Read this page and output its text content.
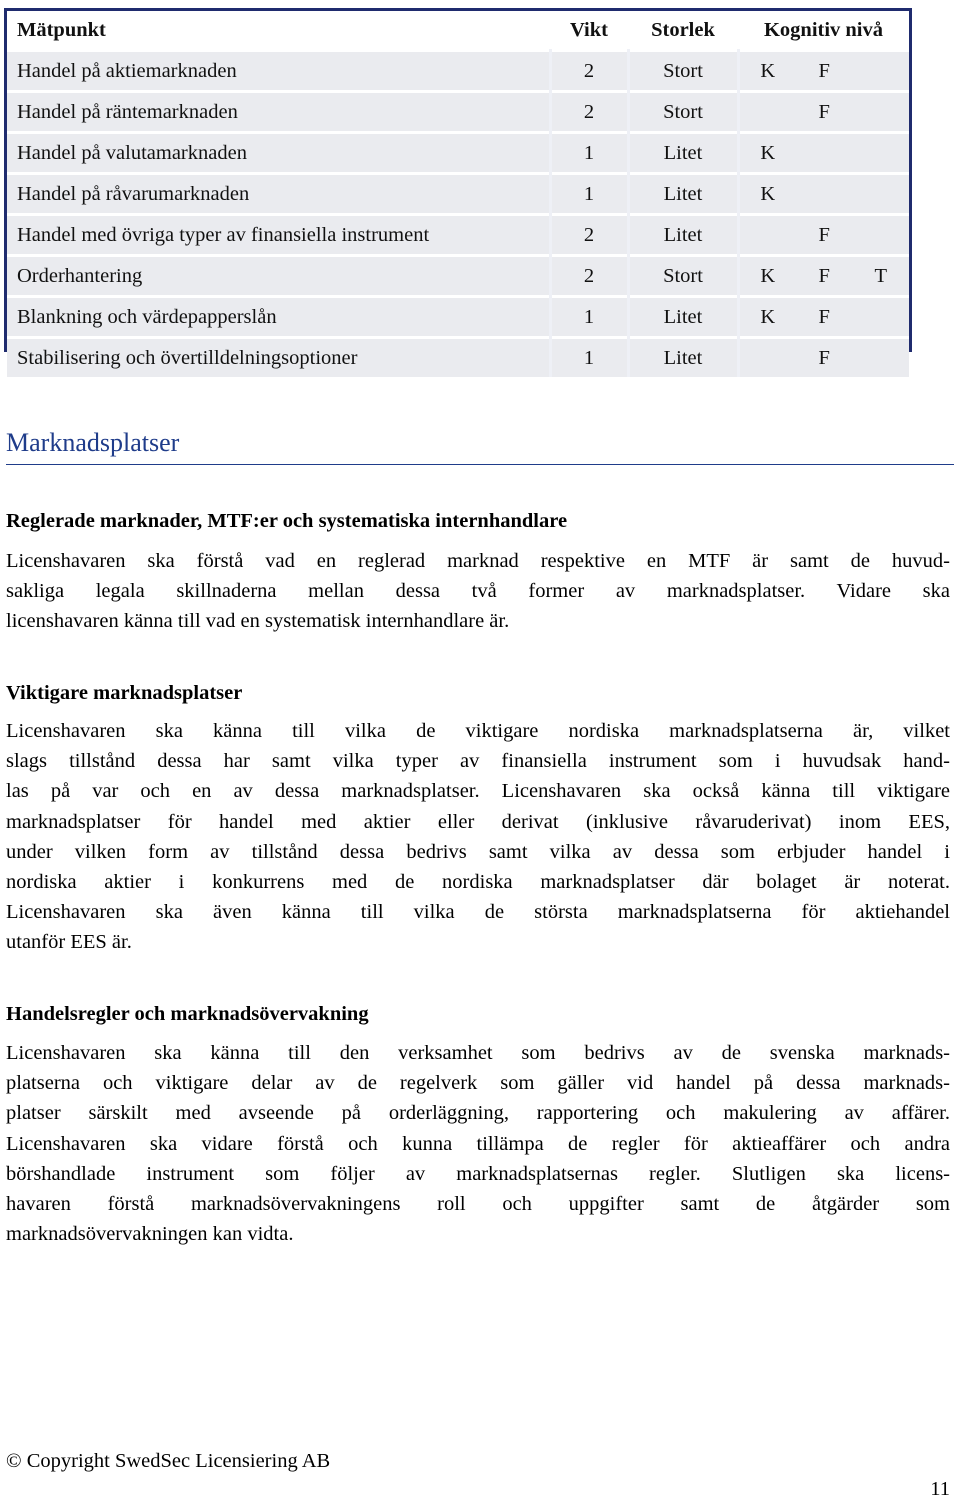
Mätpunkt	Vikt	Storlek	Kognitiv nivå
Handel på aktiemarknaden	2	Stort	K F

Handel på räntemarknaden	2	Stort	F

Handel på valutamarknaden	1	Litet	K

Handel på råvarumarknaden	1	Litet	K

Handel med övriga typer av finansiella instrument	2	Litet	F

Orderhantering	2	Stort	K F T

Blankning och värdepapperslån	1	Litet	K F

Stabilisering och övertilldelningsoptioner	1	Litet	F
Marknadsplatser
Reglerade marknader, MTF:er och systematiska internhandlare
Licenshavaren ska förstå vad en reglerad marknad respektive en MTF är samt de huvud-
sakliga legala skillnaderna mellan dessa två former av marknadsplatser. Vidare ska
licenshavaren känna till vad en systematisk internhandlare är.
Viktigare marknadsplatser
Licenshavaren ska känna till vilka de viktigare nordiska marknadsplatserna är, vilket
slags tillstånd dessa har samt vilka typer av finansiella instrument som i huvudsak hand-
las på var och en av dessa marknadsplatser. Licenshavaren ska också känna till viktigare
marknadsplatser för handel med aktier eller derivat (inklusive råvaruderivat) inom EES,
under vilken form av tillstånd dessa bedrivs samt vilka av dessa som erbjuder handel i
nordiska aktier i konkurrens med de nordiska marknadsplatser där bolaget är noterat.
Licenshavaren ska även känna till vilka de största marknadsplatserna för aktiehandel
utanför EES är.
Handelsregler och marknadsövervakning
Licenshavaren ska känna till den verksamhet som bedrivs av de svenska marknads-
platserna och viktigare delar av de regelverk som gäller vid handel på dessa marknads-
platser särskilt med avseende på orderläggning, rapportering och makulering av affärer.
Licenshavaren ska vidare förstå och kunna tillämpa de regler för aktieaffärer och andra
börshandlade instrument som följer av marknadsplatsernas regler. Slutligen ska licens-
havaren förstå marknadsövervakningens roll och uppgifter samt de åtgärder som
marknadsövervakningen kan vidta.
© Copyright SwedSec Licensiering AB
11
